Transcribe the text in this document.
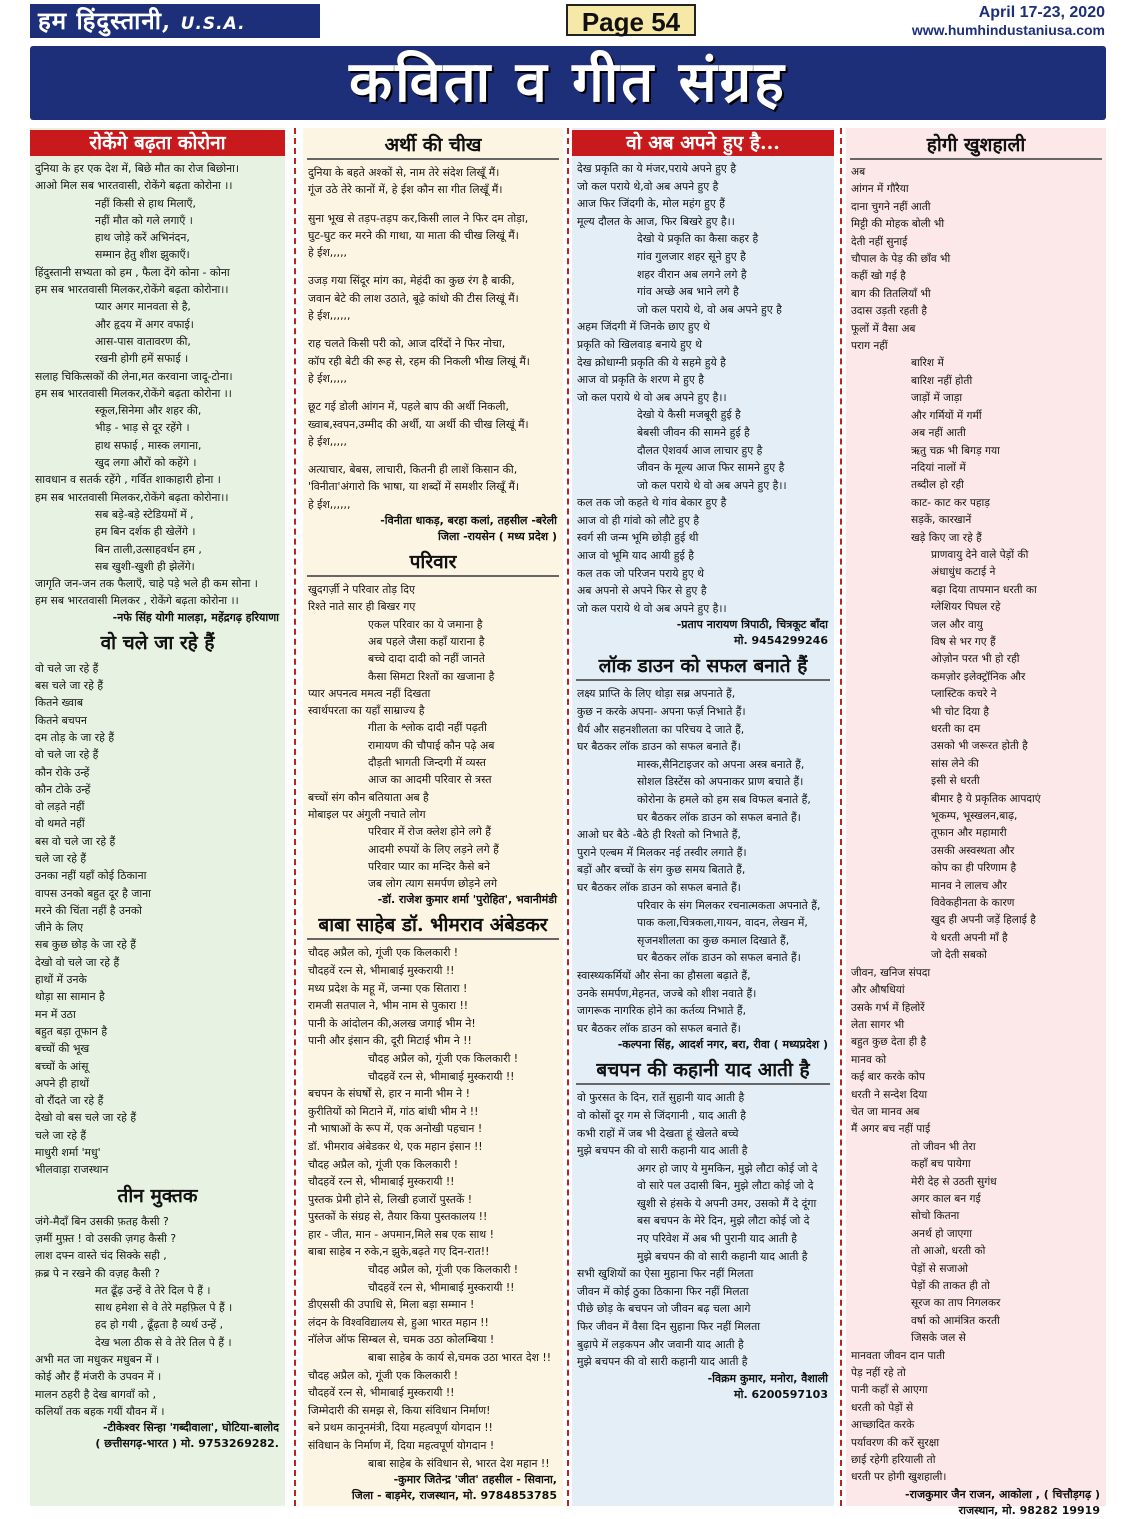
हम हिंदुस्तानी, U.S.A.	Page 54	April 17-23, 2020
www.humhindustaniusa.com
कविता व गीत संग्रह
रोकेंगे बढ़ता कोरोना
दुनिया के हर एक देश में, बिछे मौत का रोज बिछोना।
आओ मिल सब भारतवासी, रोकेंगे बढ़ता कोरोना ।।
नहीं किसी से हाथ मिलाएँ,
नहीं मौत को गले लगाएँ ।
हाथ जोड़े करें अभिनंदन,
सम्मान हेतु शीश झुकाएँ।
हिंदुस्तानी सभ्यता को हम , फैला देंगे कोना - कोना
हम सब भारतवासी मिलकर,रोकेंगे बढ़ता कोरोना।।
प्यार अगर मानवता से है,
और हृदय में अगर वफाई।
आस-पास वातावरण की,
रखनी होगी हमें सफाई ।
सलाह चिकित्सकों की लेना,मत करवाना जादू-टोना।
हम सब भारतवासी मिलकर,रोकेंगे बढ़ता कोरोना ।।
स्कूल,सिनेमा और शहर की,
भीड़ - भाड़ से दूर रहेंगे ।
हाथ सफाई , मास्क लगाना,
खुद लगा औरों को कहेंगे ।
सावधान व सतर्क रहेंगे , गर्वित शाकाहारी होना ।
हम सब भारतवासी मिलकर,रोकेंगे बढ़ता कोरोना।।
सब बड़े-बड़े स्टेडियमों में ,
हम बिन दर्शक ही खेलेंगे ।
बिन ताली,उत्साहवर्धन हम ,
सब खुशी-खुशी ही झेलेंगे।
जागृति जन-जन तक फैलाएँ, चाहे पड़े भले ही कम सोना ।
हम सब भारतवासी मिलकर , रोकेंगे बढ़ता कोरोना ।।
-नफे सिंह योगी मालड़ा, महेंद्रगढ़ हरियाणा
वो चले जा रहे हैं
वो चले जा रहे हैं
बस चले जा रहे हैं
कितने ख्वाब
कितने बचपन
दम तोड़ के जा रहे हैं
वो चले जा रहे हैं
कौन रोके उन्हें
कौन टोके उन्हें
वो लड़ते नहीं
वो थमते नहीं
बस वो चले जा रहे हैं
चले जा रहे हैं
उनका नहीं यहाँ कोई ठिकाना
वापस उनको बहुत दूर है जाना
मरने की चिंता नहीं है उनको
जीने के लिए
सब कुछ छोड़ के जा रहे हैं
देखो वो चले जा रहे हैं
हाथों में उनके
थोड़ा सा सामान है
मन में उठा
बहुत बड़ा तूफान है
बच्चों की भूख
बच्चों के आंसू
अपने ही हाथों
वो रौंदते जा रहे हैं
देखो वो बस चले जा रहे हैं
चले जा रहे हैं
माधुरी शर्मा 'मधु'
भीलवाड़ा राजस्थान
तीन मुक्तक
जंगे-मैदाँ बिन उसकी फ़तह कैसी ?
ज़मीं मुफ़्त ! वो उसकी ज़गह कैसी ?
लाश दफ्न वास्ते चंद सिक्के सही ,
क़ब्र पे न रखने की वज़ह कैसी ?
मत ढूँढ़ उन्हें वे तेरे दिल पे हैं ।
साथ हमेशा से वे तेरे महफ़िल पे हैं ।
हद हो गयी , ढूँढ़ता है व्यर्थ उन्हें ,
देख भला ठीक से वे तेरे तिल पे हैं ।
अभी मत जा मधुकर मधुबन में ।
कोई और हैं मंजरी के उपवन में ।
मालन ठहरी है देख बागवाँ को ,
कलियाँ तक बहक गयीं यौवन में ।
-टीकेश्वर सिन्हा 'गब्दीवाला', घोटिया-बालोद
( छत्तीसगढ़-भारत ) मो. 9753269282.
अर्थी की चीख
दुनिया के बहते अश्कों से, नाम तेरे संदेश लिखूँ मैं।
गूंज उठे तेरे कानों में, हे ईश कौन सा गीत लिखूँ मैं।
सुना भूख से तड़प-तड़प कर,किसी लाल ने फिर दम तोड़ा,
घुट-घुट कर मरने की गाथा, या माता की चीख लिखूं मैं।
हे ईश,,,,,
उजड़ गया सिंदूर मांग का, मेहंदी का कुछ रंग है बाकी,
जवान बेटे की लाश उठाते, बूढ़े कांधो की टीस लिखूं मैं।
हे ईश,,,,,,
राह चलते किसी परी को, आज दरिंदों ने फिर नोचा,
कॉप रही बेटी की रूह से, रहम की निकली भीख लिखूं मैं।
हे ईश,,,,,
छूट गई डोली आंगन में, पहले बाप की अर्थी निकली,
ख्वाब,स्वपन,उम्मीद की अर्थी, या अर्थी की चीख लिखूं मैं।
हे ईश,,,,,
अत्याचार, बेबस, लाचारी, कितनी ही लाशें किसान की,
'विनीता'अंगारो कि भाषा, या शब्दों में समशीर लिखूँ मैं।
हे ईश,,,,,,
-विनीता धाकड़, बरहा कलां, तहसील -बरेली
जिला -रायसेन ( मध्य प्रदेश )
परिवार
खुदगर्ज़ी ने परिवार तोड़ दिए
रिश्ते नाते सार ही बिखर गए
एकल परिवार का ये जमाना है
अब पहले जैसा कहाँ याराना है
बच्चे दादा दादी को नहीं जानते
कैसा सिमटा रिश्तों का खजाना है
प्यार अपनत्व ममत्व नहीं दिखता
स्वार्थपरता का यहाँ साम्राज्य है
गीता के श्लोक दादी नहीं पढ़ती
रामायण की चौपाई कौन पढ़े अब
दौड़ती भागती जिन्दगी में व्यस्त
आज का आदमी परिवार से त्रस्त
बच्चों संग कौन बतियाता अब है
मोबाइल पर अंगुली नचाते लोग
परिवार में रोज क्लेश होने लगे हैं
आदमी रुपयों के लिए लड़ने लगे हैं
परिवार प्यार का मन्दिर कैसे बने
जब लोग त्याग समर्पण छोड़ने लगे
-डॉ. राजेश कुमार शर्मा 'पुरोहित', भवानीमंडी
बाबा साहेब डॉ. भीमराव अंबेडकर
चौदह अप्रैल को, गूंजी एक किलकारी !
चौदहवें रत्न से, भीमाबाई मुस्करायी !!
मध्य प्रदेश के महू में, जन्मा एक सितारा !
रामजी सतपाल ने, भीम नाम से पुकारा !!
पानी के आंदोलन की,अलख जगाई भीम ने!
पानी और इंसान की, दूरी मिटाई भीम ने !!
चौदह अप्रैल को, गूंजी एक किलकारी !
चौदहवें रत्न से, भीमाबाई मुस्करायी !!
बचपन के संघर्षों से, हार न मानी भीम ने !
कुरीतियों को मिटाने में, गांठ बांधी भीम ने !!
नौ भाषाओं के रूप में, एक अनोखी पहचान !
डॉ. भीमराव अंबेडकर थे, एक महान इंसान !!
चौदह अप्रैल को, गूंजी एक किलकारी !
चौदहवें रत्न से, भीमाबाई मुस्करायी !!
पुस्तक प्रेमी होने से, लिखी हजारों पुस्तकें !
पुस्तकों के संग्रह से, तैयार किया पुस्तकालय !!
हार - जीत, मान - अपमान,मिले सब एक साथ !
बाबा साहेब न रुके,न झुके,बढ़ते गए दिन-रात!!
चौदह अप्रैल को, गूंजी एक किलकारी !
चौदहवें रत्न से, भीमाबाई मुस्करायी !!
डीएससी की उपाधि से, मिला बड़ा सम्मान !
लंदन के विश्वविद्यालय से, हुआ भारत महान !!
नॉलेज ऑफ सिम्बल से, चमक उठा कोलम्बिया !
बाबा साहेब के कार्य से,चमक उठा भारत देश !!
चौदह अप्रैल को, गूंजी एक किलकारी !
चौदहवें रत्न से, भीमाबाई मुस्करायी !!
जिम्मेदारी की समझ से, किया संविधान निर्माण!
बने प्रथम कानूनमंत्री, दिया महत्वपूर्ण योगदान !!
संविधान के निर्माण में, दिया महत्वपूर्ण योगदान !
बाबा साहेब के संविधान से, भारत देश महान !!
-कुमार जितेन्द्र 'जीत' तहसील - सिवाना,
जिला - बाड़मेर, राजस्थान, मो. 9784853785
वो अब अपने हुए है...
देख प्रकृति का ये मंजर,पराये अपने हुए है
जो कल पराये थे,वो अब अपने हुए है
आज फिर जिंदगी के, मोल महंग हुए हैं
मूल्य दौलत के आज, फिर बिखरे हुए है।।
देखो ये प्रकृति का कैसा कहर है
गांव गुलजार शहर सूने हुए है
शहर वीरान अब लगने लगे है
गांव अच्छे अब भाने लगे है
जो कल पराये थे, वो अब अपने हुए है
अहम जिंदगी में जिनके छाए हुए थे
प्रकृति को खिलवाड़ बनाये हुए थे
देख क्रोधाग्नी प्रकृति की ये सहमे हुये है
आज वो प्रकृति के शरण मे हुए है
जो कल पराये थे वो अब अपने हुए है।।
देखो ये कैसी मजबूरी हुई है
बेबसी जीवन की सामने हुई है
दौलत ऐशवर्य आज लाचार हुए है
जीवन के मूल्य आज फिर सामने हुए है
जो कल पराये थे वो अब अपने हुए है।।
कल तक जो कहते थे गांव बेकार हुए है
आज वो ही गांवो को लौटे हुए है
स्वर्ग सी जन्म भूमि छोड़ी हुई थी
आज वो भूमि याद आयी हुई है
कल तक जो परिजन पराये हुए थे
अब अपनो से अपने फिर से हुए है
जो कल पराये थे वो अब अपने हुए है।।
-प्रताप नारायण त्रिपाठी, चित्रकूट बाँदा
मो. 9454299246
लॉक डाउन को सफल बनाते हैं
लक्ष्य प्राप्ति के लिए थोड़ा सब्र अपनाते हैं,
कुछ न करके अपना- अपना फर्ज़ निभाते हैं।
धैर्य और सहनशीलता का परिचय दे जाते हैं,
घर बैठकर लॉक डाउन को सफल बनाते हैं।
मास्क,सैनिटाइजर को अपना अस्त्र बनाते हैं,
सोशल डिस्टेंस को अपनाकर प्राण बचाते हैं।
कोरोना के हमले को हम सब विफल बनाते हैं,
घर बैठकर लॉक डाउन को सफल बनाते हैं।
आओ घर बैठे -बैठे ही रिश्तो को निभाते हैं,
पुराने एल्बम में मिलकर नई तस्वीर लगाते हैं।
बड़ों और बच्चों के संग कुछ समय बिताते हैं,
घर बैठकर लॉक डाउन को सफल बनाते हैं।
परिवार के संग मिलकर रचनात्मकता अपनाते हैं,
पाक कला,चित्रकला,गायन, वादन, लेखन में,
सृजनशीलता का कुछ कमाल दिखाते हैं,
घर बैठकर लॉक डाउन को सफल बनाते हैं।
स्वास्थ्यकर्मियों और सेना का हौसला बढ़ाते हैं,
उनके समर्पण,मेहनत, जज्बे को शीश नवाते हैं।
जागरूक नागरिक होने का कर्तव्य निभाते हैं,
घर बैठकर लॉक डाउन को सफल बनाते हैं।
-कल्पना सिंह, आदर्श नगर, बरा, रीवा ( मध्यप्रदेश )
बचपन की कहानी याद आती है
वो फुरसत के दिन, रातें सुहानी याद आती है
वो कोसों दूर गम से जिंदगानी , याद आती है
कभी राहों में जब भी देखता हूं खेलते बच्चे
मुझे बचपन की वो सारी कहानी याद आती है
अगर हो जाए ये मुमकिन, मुझे लौटा कोई जो दे
वो सारे पल उदासी बिन, मुझे लौटा कोई जो दे
खुशी से हंसके ये अपनी उमर, उसको मैं दे दूंगा
बस बचपन के मेरे दिन, मुझे लौटा कोई जो दे
नए परिवेश में अब भी पुरानी याद आती है
मुझे बचपन की वो सारी कहानी याद आती है
सभी खुशियों का ऐसा मुहाना फिर नहीं मिलता
जीवन में कोई ठुका ठिकाना फिर नहीं मिलता
पीछे छोड़ के बचपन जो जीवन बढ़ चला आगे
फिर जीवन में वैसा दिन सुहाना फिर नहीं मिलता
बुढ़ापे में लड़कपन और जवानी याद आती है
मुझे बचपन की वो सारी कहानी याद आती है
-विक्रम कुमार, मनोरा, वैशाली
मो. 6200597103
होगी खुशहाली
अब
आंगन में गौरैया
दाना चुगने नहीं आती
मिट्टी की मोहक बोली भी
देती नहीं सुनाई
चौपाल के पेड़ की छाँव भी
कहीं खो गई है
बाग की तितलियाँ भी
उदास उड़ती रहती है
फूलों में वैसा अब
पराग नहीं
बारिश में
बारिश नहीं होती
जाड़ों में जाड़ा
और गर्मियों में गर्मी
अब नहीं आती
ऋतु चक्र भी बिगड़ गया
नदियां नालों में
तब्दील हो रही
काट- काट कर पहाड़
सड़कें, कारखानें
खड़े किए जा रहे हैं
प्राणवायु देने वाले पेड़ों की
अंधाधुंध कटाई ने
बढ़ा दिया तापमान धरती का
ग्लेशियर पिघल रहे
जल और वायु
विष से भर गए हैं
ओज़ोन परत भी हो रही
कमज़ोर इलेक्ट्रॉनिक और
प्लास्टिक कचरे ने
भी चोट दिया है
धरती का दम
उसको भी जरूरत होती है
सांस लेने की
इसी से धरती
बीमार है ये प्रकृतिक आपदाएं
भूकम्प, भूस्खलन,बाढ़,
तूफान और महामारी
उसकी अस्वस्थता और
कोप का ही परिणाम है
मानव ने लालच और
विवेकहीनता के कारण
खुद ही अपनी जड़ें हिलाई है
ये धरती अपनी माँ है
जो देती सबको
जीवन, खनिज संपदा
और औषधियां
उसके गर्भ में हिलोरें
लेता सागर भी
बहुत कुछ देता ही है
मानव को
कई बार करके कोप
धरती ने सन्देश दिया
चेत जा मानव अब
मैं अगर बच नहीं पाई
तो जीवन भी तेरा
कहाँ बच पायेगा
मेरी देह से उठती सुगंध
अगर काल बन गई
सोचो कितना
अनर्थ हो जाएगा
तो आओ, धरती को
पेड़ों से सजाओ
पेड़ों की ताकत ही तो
सूरज का ताप निगलकर
वर्षा को आमंत्रित करती
जिसके जल से
मानवता जीवन दान पाती
पेड़ नहीं रहे तो
पानी कहाँ से आएगा
धरती को पेड़ों से
आच्छादित करके
पर्यावरण की करें सुरक्षा
छाई रहेगी हरियाली तो
धरती पर होगी खुशहाली।
-राजकुमार जैन राजन, आकोला , ( चित्तौड़गढ़ )
राजस्थान, मो. 98282 19919
